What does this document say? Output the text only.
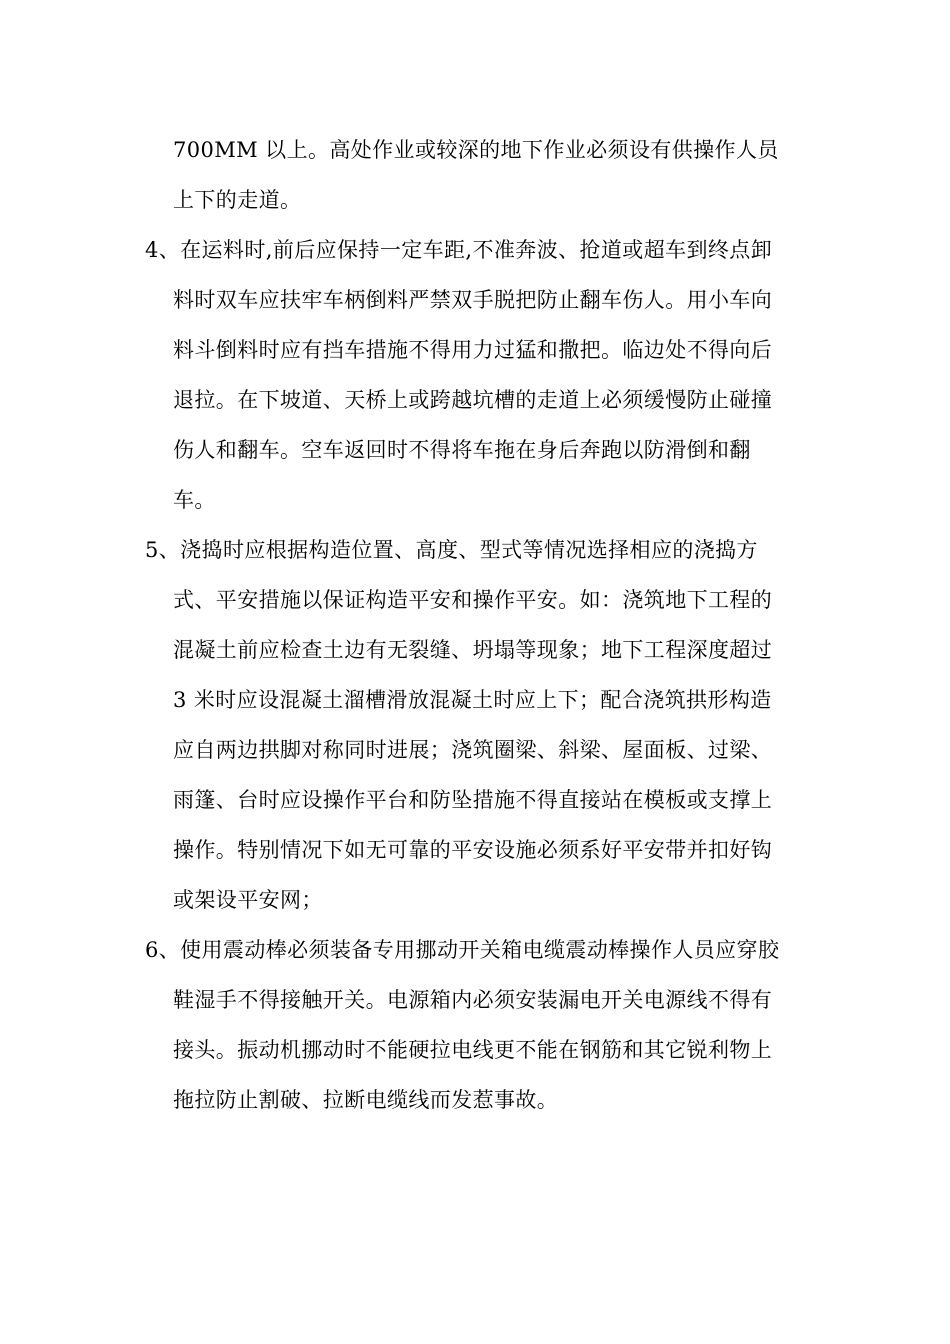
700MM 以上。高处作业或较深的地下作业必须设有供操作人员
上下的走道。
4、在运料时,前后应保持一定车距,不准奔波、抢道或超车到终点卸
料时双车应扶牢车柄倒料严禁双手脱把防止翻车伤人。用小车向
料斗倒料时应有挡车措施不得用力过猛和撒把。临边处不得向后
退拉。在下坡道、天桥上或跨越坑槽的走道上必须缓慢防止碰撞
伤人和翻车。空车返回时不得将车拖在身后奔跑以防滑倒和翻
车。
5、浇捣时应根据构造位置、高度、型式等情况选择相应的浇捣方
式、平安措施以保证构造平安和操作平安。如：浇筑地下工程的
混凝土前应检查土边有无裂缝、坍塌等现象；地下工程深度超过
3 米时应设混凝土溜槽滑放混凝土时应上下；配合浇筑拱形构造
应自两边拱脚对称同时进展；浇筑圈梁、斜梁、屋面板、过梁、
雨篷、台时应设操作平台和防坠措施不得直接站在模板或支撑上
操作。特别情况下如无可靠的平安设施必须系好平安带并扣好钩
或架设平安网；
6、使用震动棒必须装备专用挪动开关箱电缆震动棒操作人员应穿胶
鞋湿手不得接触开关。电源箱内必须安装漏电开关电源线不得有
接头。振动机挪动时不能硬拉电线更不能在钢筋和其它锐利物上
拖拉防止割破、拉断电缆线而发惹事故。
